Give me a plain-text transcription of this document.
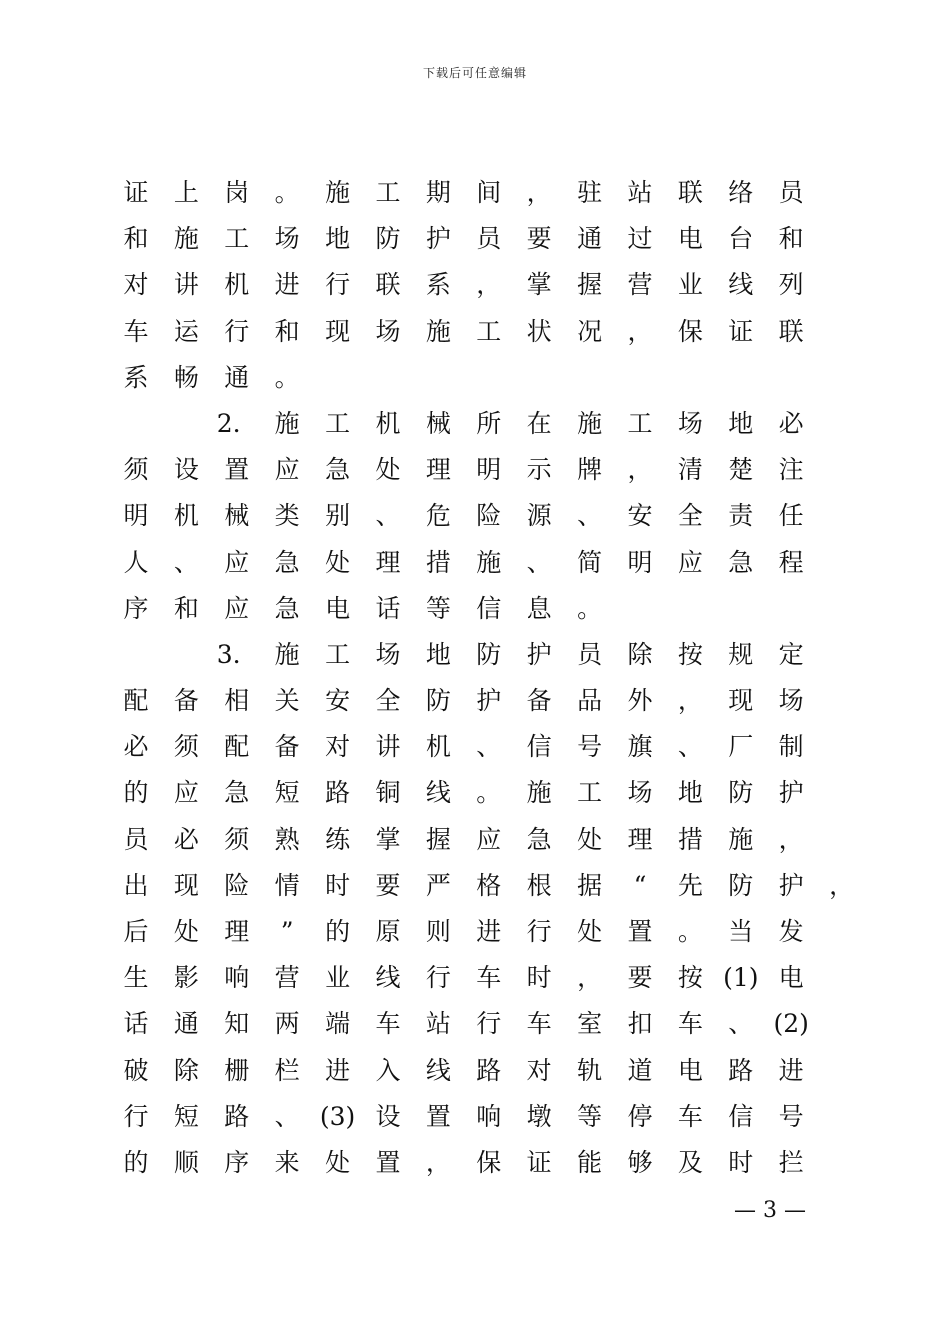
下载后可任意编辑
证	上	岗	。	施	工	期	间	，	驻	站	联	络	员
和	施	工	场	地	防	护	员	要	通	过	电	台	和
对	讲	机	进	行	联	系	，	掌	握	营	业	线	列
车	运	行	和	现	场	施	工	状	况	，	保	证	联
系	畅	通	。
2． 施	工	机	械	所	在	施	工	场	地	必
须	设	置	应	急	处	理	明	示	牌	，	清	楚	注
明	机	械	类	别	、	危	险	源	、	安	全	责	任
人	、	应	急	处	理	措	施	、	简	明	应	急	程
序	和	应	急	电	话	等	信	息	。
3． 施	工	场	地	防	护	员	除	按	规	定
配	备	相	关	安	全	防	护	备	品	外	，	现	场
必	须	配	备	对	讲	机	、	信	号	旗	、	厂	制
的	应	急	短	路	铜	线	。	施	工	场	地	防	护
员	必	须	熟	练	掌	握	应	急	处	理	措	施	，
出	现	险	情	时	要	严	格	根	据	“	先	防	护	，
后	处	理	”	的	原	则	进	行	处	置	。	当	发
生	影	响	营	业	线	行	车	时	，	要	按 (1) 电
话	通	知	两	端	车	站	行	车	室	扣	车	、 (2)
破	除	栅	栏	进	入	线	路	对	轨	道	电	路	进
行	短	路	、 (3) 设	置	响	墩	等	停	车	信	号
的	顺	序	来	处	置	，	保	证	能	够	及	时	拦
— 3 —
